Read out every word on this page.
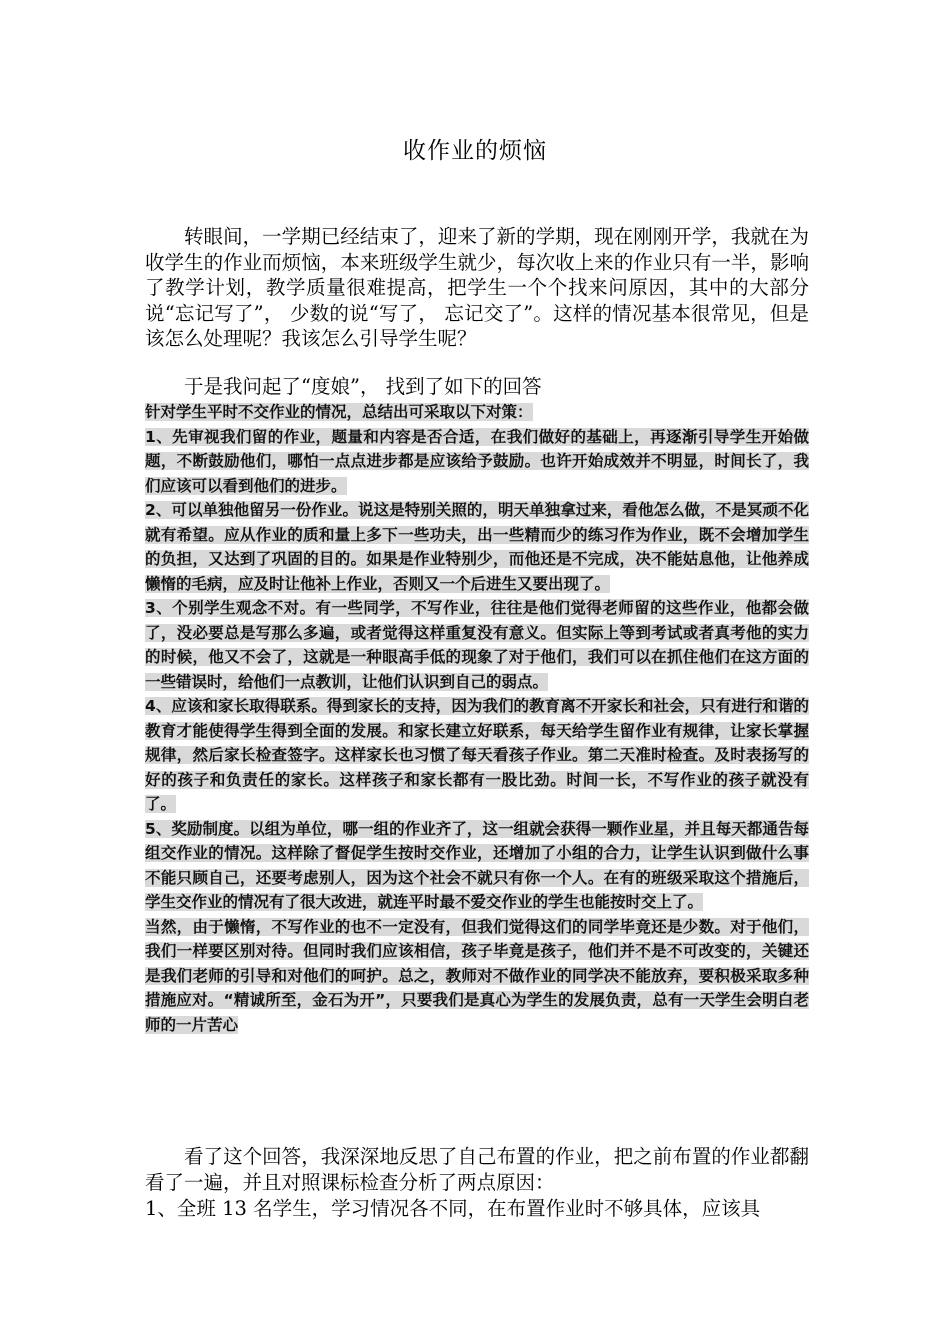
收作业的烦恼

转眼间，一学期已经结束了，迎来了新的学期，现在刚刚开学，我就在为收学生的作业而烦恼，本来班级学生就少，每次收上来的作业只有一半，影响了教学计划，教学质量很难提高，把学生一个个找来问原因，其中的大部分说“忘记写了”， 少数的说“写了， 忘记交了”。这样的情况基本很常见，但是该怎么处理呢？我该怎么引导学生呢？

于是我问起了“度娘”， 找到了如下的回答

针对学生平时不交作业的情况，总结出可采取以下对策：

1、先审视我们留的作业，题量和内容是否合适，在我们做好的基础上，再逐渐引导学生开始做题，不断鼓励他们，哪怕一点点进步都是应该给予鼓励。也许开始成效并不明显，时间长了，我们应该可以看到他们的进步。

2、可以单独他留另一份作业。说这是特别关照的，明天单独拿过来，看他怎么做，不是冥顽不化就有希望。应从作业的质和量上多下一些功夫，出一些精而少的练习作为作业，既不会增加学生的负担，又达到了巩固的目的。如果是作业特别少，而他还是不完成，决不能姑息他，让他养成懒惰的毛病，应及时让他补上作业，否则又一个后进生又要出现了。

3、个别学生观念不对。有一些同学，不写作业，往往是他们觉得老师留的这些作业，他都会做了，没必要总是写那么多遍，或者觉得这样重复没有意义。但实际上等到考试或者真考他的实力的时候，他又不会了，这就是一种眼高手低的现象了对于他们，我们可以在抓住他们在这方面的一些错误时，给他们一点教训，让他们认识到自己的弱点。

4、应该和家长取得联系。得到家长的支持，因为我们的教育离不开家长和社会，只有进行和谐的教育才能使得学生得到全面的发展。和家长建立好联系，每天给学生留作业有规律，让家长掌握规律，然后家长检查签字。这样家长也习惯了每天看孩子作业。第二天准时检查。及时表扬写的好的孩子和负责任的家长。这样孩子和家长都有一股比劲。时间一长，不写作业的孩子就没有了。

5、奖励制度。以组为单位，哪一组的作业齐了，这一组就会获得一颗作业星，并且每天都通告每组交作业的情况。这样除了督促学生按时交作业，还增加了小组的合力，让学生认识到做什么事不能只顾自己，还要考虑别人，因为这个社会不就只有你一个人。在有的班级采取这个措施后，学生交作业的情况有了很大改进，就连平时最不爱交作业的学生也能按时交上了。

当然，由于懒惰，不写作业的也不一定没有，但我们觉得这们的同学毕竟还是少数。对于他们，我们一样要区别对待。但同时我们应该相信，孩子毕竟是孩子，他们并不是不可改变的，关键还是我们老师的引导和对他们的呵护。总之，教师对不做作业的同学决不能放弃，要积极采取多种措施应对。“精诚所至，金石为开”，只要我们是真心为学生的发展负责，总有一天学生会明白老师的一片苦心

看了这个回答，我深深地反思了自己布置的作业，把之前布置的作业都翻看了一遍，并且对照课标检查分析了两点原因：

1、全班 13 名学生，学习情况各不同，在布置作业时不够具体，应该具
